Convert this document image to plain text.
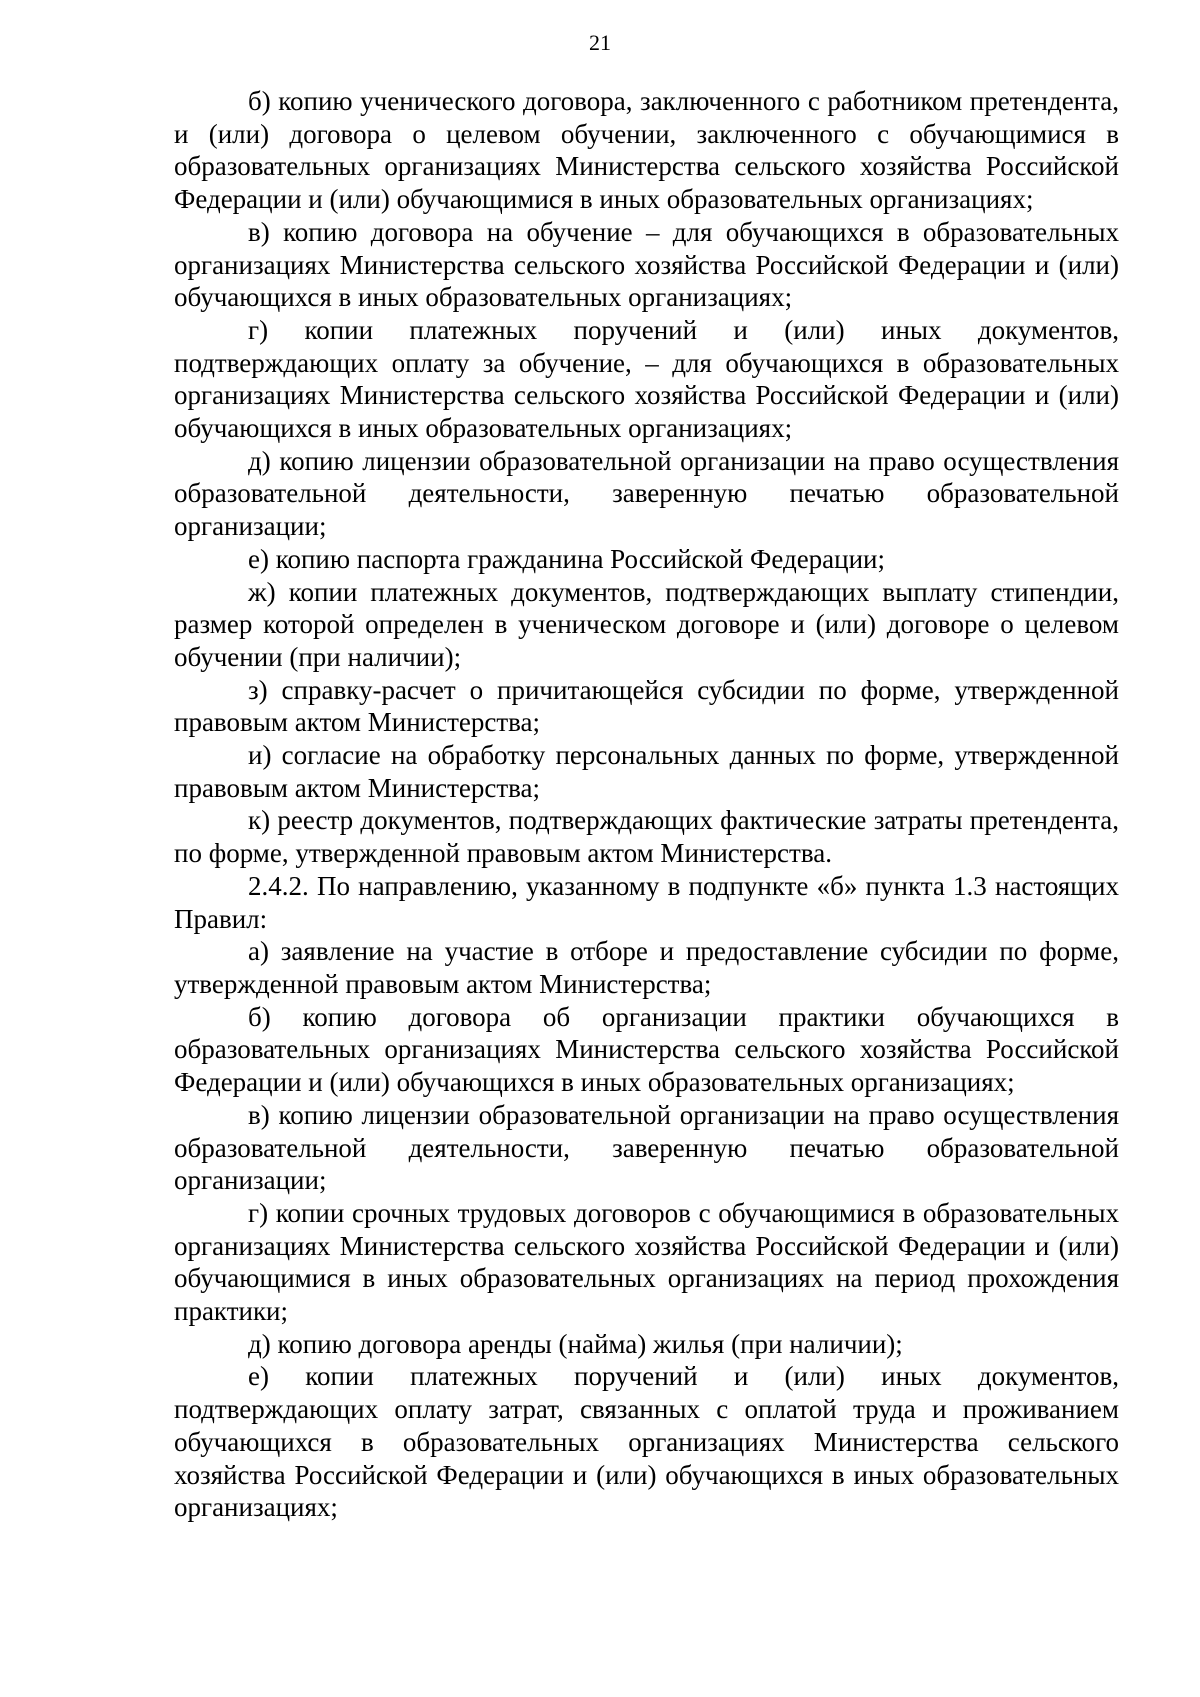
21

б) копию ученического договора, заключенного с работником претендента, и (или) договора о целевом обучении, заключенного с обучающимися в образовательных организациях Министерства сельского хозяйства Российской Федерации и (или) обучающимися в иных образовательных организациях;

в) копию договора на обучение – для обучающихся в образовательных организациях Министерства сельского хозяйства Российской Федерации и (или) обучающихся в иных образовательных организациях;

г) копии платежных поручений и (или) иных документов, подтверждающих оплату за обучение, – для обучающихся в образовательных организациях Министерства сельского хозяйства Российской Федерации и (или) обучающихся в иных образовательных организациях;

д) копию лицензии образовательной организации на право осуществления образовательной деятельности, заверенную печатью образовательной организации;

е) копию паспорта гражданина Российской Федерации;

ж) копии платежных документов, подтверждающих выплату стипендии, размер которой определен в ученическом договоре и (или) договоре о целевом обучении (при наличии);

з) справку-расчет о причитающейся субсидии по форме, утвержденной правовым актом Министерства;

и) согласие на обработку персональных данных по форме, утвержденной правовым актом Министерства;

к) реестр документов, подтверждающих фактические затраты претендента, по форме, утвержденной правовым актом Министерства.

2.4.2. По направлению, указанному в подпункте «б» пункта 1.3 настоящих Правил:

а) заявление на участие в отборе и предоставление субсидии по форме, утвержденной правовым актом Министерства;

б) копию договора об организации практики обучающихся в образовательных организациях Министерства сельского хозяйства Российской Федерации и (или) обучающихся в иных образовательных организациях;

в) копию лицензии образовательной организации на право осуществления образовательной деятельности, заверенную печатью образовательной организации;

г) копии срочных трудовых договоров с обучающимися в образовательных организациях Министерства сельского хозяйства Российской Федерации и (или) обучающимися в иных образовательных организациях на период прохождения практики;

д) копию договора аренды (найма) жилья (при наличии);

е) копии платежных поручений и (или) иных документов, подтверждающих оплату затрат, связанных с оплатой труда и проживанием обучающихся в образовательных организациях Министерства сельского хозяйства Российской Федерации и (или) обучающихся в иных образовательных организациях;
